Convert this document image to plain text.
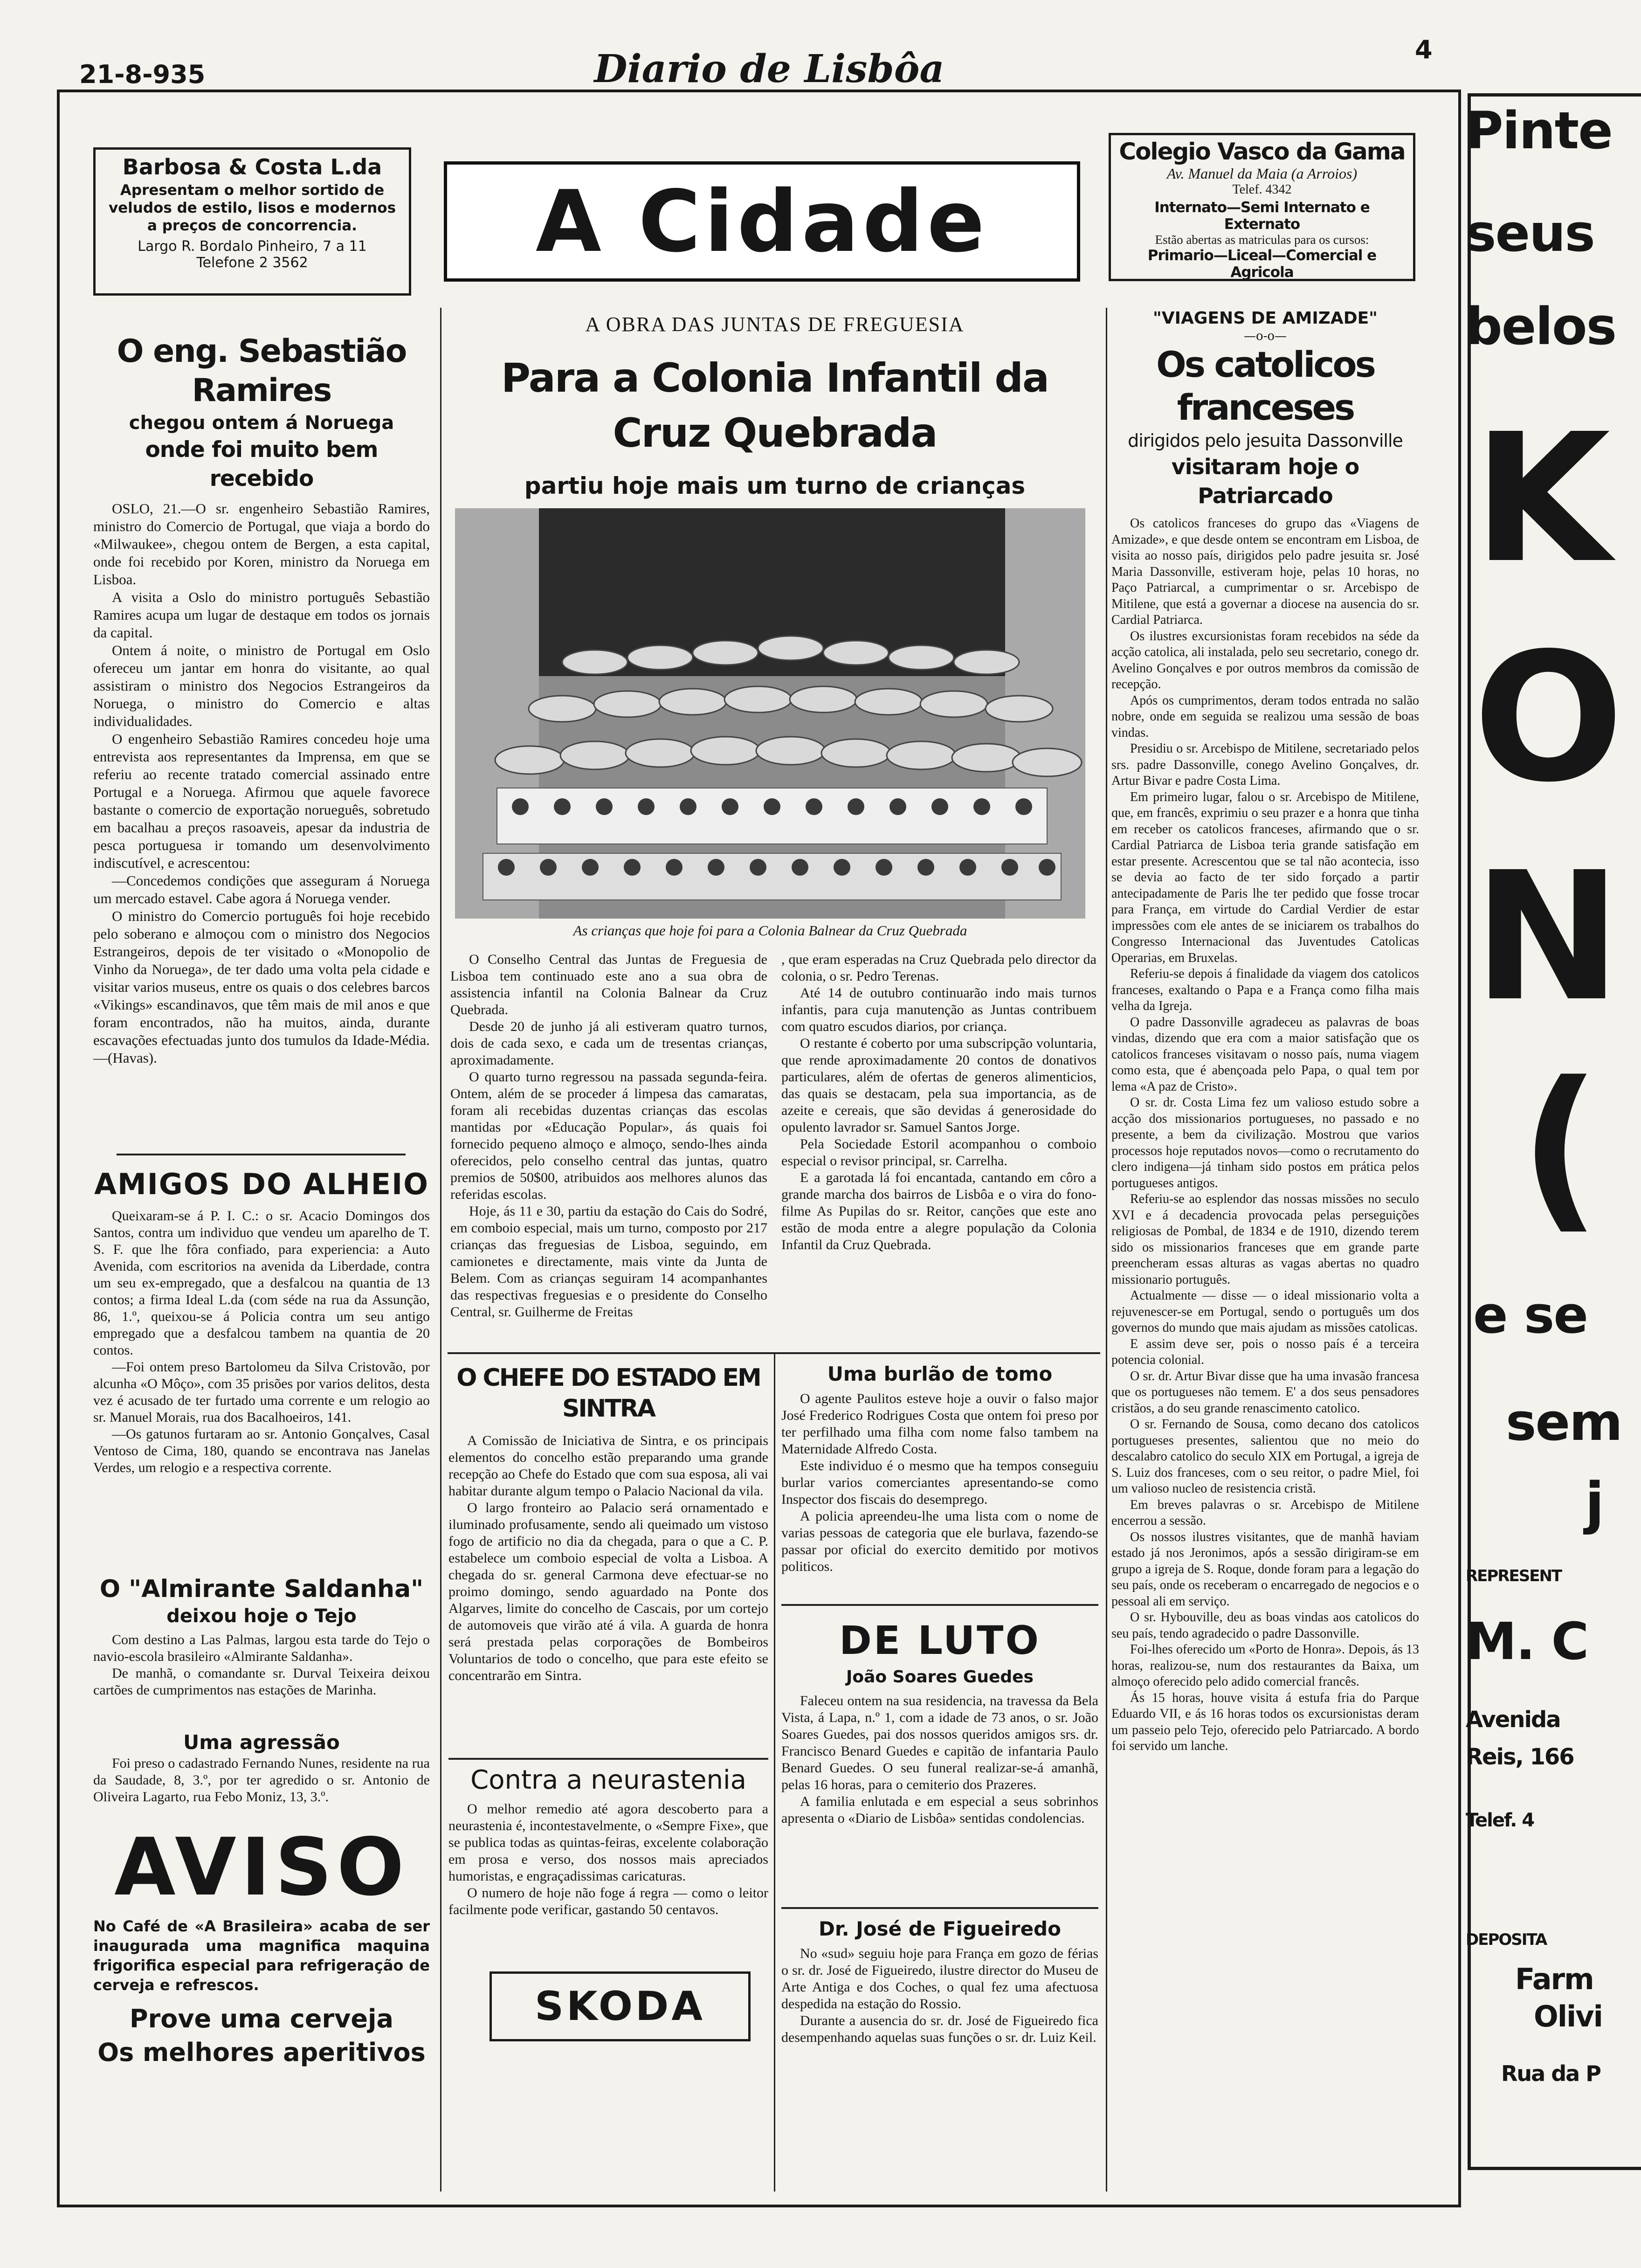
21-8-935	Diario de Lisbôa	4
Barbosa & Costa L.da
Apresentam o melhor sortido de veludos de estilo, lisos e modernos a preços de concorrencia.
Largo R. Bordalo Pinheiro, 7 a 11
Telefone 2 3562	A Cidade
Colegio Vasco da Gama
Av. Manuel da Maia (a Arroios)
Telef. 4342
Internato—Semi Internato e Externato
Estão abertas as matriculas para os cursos:
Primario—Liceal—Comercial e Agricola
O eng. Sebastião Ramires
chegou ontem á Noruega
onde foi muito bem recebido

OSLO, 21.—O sr. engenheiro Sebastião Ramires, ministro do Comercio de Portugal, que viaja a bordo do «Milwaukee», chegou ontem de Bergen, a esta capital, onde foi recebido por Koren, ministro da Noruega em Lisboa.

A visita a Oslo do ministro português Sebastião Ramires acupa um lugar de destaque em todos os jornais da capital.

Ontem á noite, o ministro de Portugal em Oslo ofereceu um jantar em honra do visitante, ao qual assistiram o ministro dos Negocios Estrangeiros da Noruega, o ministro do Comercio e altas individualidades.

O engenheiro Sebastião Ramires concedeu hoje uma entrevista aos representantes da Imprensa, em que se referiu ao recente tratado comercial assinado entre Portugal e a Noruega. Afirmou que aquele favorece bastante o comercio de exportação norueguês, sobretudo em bacalhau a preços rasoaveis, apesar da industria de pesca portuguesa ir tomando um desenvolvimento indiscutível, e acrescentou:

—Concedemos condições que asseguram á Noruega um mercado estavel. Cabe agora á Noruega vender.

O ministro do Comercio português foi hoje recebido pelo soberano e almoçou com o ministro dos Negocios Estrangeiros, depois de ter visitado o «Monopolio de Vinho da Noruega», de ter dado uma volta pela cidade e visitar varios museus, entre os quais o dos celebres barcos «Vikings» escandinavos, que têm mais de mil anos e que foram encontrados, não ha muitos, ainda, durante escavações efectuadas junto dos tumulos da Idade-Média.—(Havas).

AMIGOS DO ALHEIO

Queixaram-se á P. I. C.: o sr. Acacio Domingos dos Santos, contra um individuo que vendeu um aparelho de T. S. F. que lhe fôra confiado, para experiencia: a Auto Avenida, com escritorios na avenida da Liberdade, contra um seu ex-empregado, que a desfalcou na quantia de 13 contos; a firma Ideal L.da (com séde na rua da Assunção, 86, 1.º, queixou-se á Policia contra um seu antigo empregado que a desfalcou tambem na quantia de 20 contos.

—Foi ontem preso Bartolomeu da Silva Cristovão, por alcunha «O Môço», com 35 prisões por varios delitos, desta vez é acusado de ter furtado uma corrente e um relogio ao sr. Manuel Morais, rua dos Bacalhoeiros, 141.

—Os gatunos furtaram ao sr. Antonio Gonçalves, Casal Ventoso de Cima, 180, quando se encontrava nas Janelas Verdes, um relogio e a respectiva corrente.

O "Almirante Saldanha"
deixou hoje o Tejo

Com destino a Las Palmas, largou esta tarde do Tejo o navio-escola brasileiro «Almirante Saldanha».

De manhã, o comandante sr. Durval Teixeira deixou cartões de cumprimentos nas estações de Marinha.

Uma agressão

Foi preso o cadastrado Fernando Nunes, residente na rua da Saudade, 8, 3.º, por ter agredido o sr. Antonio de Oliveira Lagarto, rua Febo Moniz, 13, 3.º.

AVISO
No Café de «A Brasileira» acaba de ser inaugurada uma magnifica maquina frigorifica especial para refrigeração de cerveja e refrescos.
Prove uma cerveja
Os melhores aperitivos
A OBRA DAS JUNTAS DE FREGUESIA
Para a Colonia Infantil da Cruz Quebrada
partiu hoje mais um turno de crianças
As crianças que hoje foi para a Colonia Balnear da Cruz Quebrada

O Conselho Central das Juntas de Freguesia de Lisboa tem continuado este ano a sua obra de assistencia infantil na Colonia Balnear da Cruz Quebrada.

Desde 20 de junho já ali estiveram quatro turnos, dois de cada sexo, e cada um de tresentas crianças, aproximadamente.

O quarto turno regressou na passada segunda-feira. Ontem, além de se proceder á limpesa das camaratas, foram ali recebidas duzentas crianças das escolas mantidas por «Educação Popular», ás quais foi fornecido pequeno almoço e almoço, sendo-lhes ainda oferecidos, pelo conselho central das juntas, quatro premios de 50$00, atribuidos aos melhores alunos das referidas escolas.

Hoje, ás 11 e 30, partiu da estação do Cais do Sodré, em comboio especial, mais um turno, composto por 217 crianças das freguesias de Lisboa, seguindo, em camionetes e directamente, mais vinte da Junta de Belem. Com as crianças seguiram 14 acompanhantes das respectivas freguesias e o presidente do Conselho Central, sr. Guilherme de Freitas

, que eram esperadas na Cruz Quebrada pelo director da colonia, o sr. Pedro Terenas.

Até 14 de outubro continuarão indo mais turnos infantis, para cuja manutenção as Juntas contribuem com quatro escudos diarios, por criança.

O restante é coberto por uma subscripção voluntaria, que rende aproximadamente 20 contos de donativos particulares, além de ofertas de generos alimenticios, das quais se destacam, pela sua importancia, as de azeite e cereais, que são devidas á generosidade do opulento lavrador sr. Samuel Santos Jorge.

Pela Sociedade Estoril acompanhou o comboio especial o revisor principal, sr. Carrelha.

E a garotada lá foi encantada, cantando em côro a grande marcha dos bairros de Lisbôa e o vira do fono-filme As Pupilas do sr. Reitor, canções que este ano estão de moda entre a alegre população da Colonia Infantil da Cruz Quebrada.

O CHEFE DO ESTADO EM SINTRA

A Comissão de Iniciativa de Sintra, e os principais elementos do concelho estão preparando uma grande recepção ao Chefe do Estado que com sua esposa, ali vai habitar durante algum tempo o Palacio Nacional da vila.

O largo fronteiro ao Palacio será ornamentado e iluminado profusamente, sendo ali queimado um vistoso fogo de artificio no dia da chegada, para o que a C. P. estabelece um comboio especial de volta a Lisboa. A chegada do sr. general Carmona deve efectuar-se no proimo domingo, sendo aguardado na Ponte dos Algarves, limite do concelho de Cascais, por um cortejo de automoveis que virão até á vila. A guarda de honra será prestada pelas corporações de Bombeiros Voluntarios de todo o concelho, que para este efeito se concentrarão em Sintra.

Contra a neurastenia

O melhor remedio até agora descoberto para a neurastenia é, incontestavelmente, o «Sempre Fixe», que se publica todas as quintas-feiras, excelente colaboração em prosa e verso, dos nossos mais apreciados humoristas, e engraçadissimas caricaturas.

O numero de hoje não foge á regra — como o leitor facilmente pode verificar, gastando 50 centavos.

SKODA
Uma burlão de tomo

O agente Paulitos esteve hoje a ouvir o falso major José Frederico Rodrigues Costa que ontem foi preso por ter perfilhado uma filha com nome falso tambem na Maternidade Alfredo Costa.

Este individuo é o mesmo que ha tempos conseguiu burlar varios comerciantes apresentando-se como Inspector dos fiscais do desemprego.

A policia apreendeu-lhe uma lista com o nome de varias pessoas de categoria que ele burlava, fazendo-se passar por oficial do exercito demitido por motivos politicos.

DE LUTO
João Soares Guedes

Faleceu ontem na sua residencia, na travessa da Bela Vista, á Lapa, n.º 1, com a idade de 73 anos, o sr. João Soares Guedes, pai dos nossos queridos amigos srs. dr. Francisco Benard Guedes e capitão de infantaria Paulo Benard Guedes. O seu funeral realizar-se-á amanhã, pelas 16 horas, para o cemiterio dos Prazeres.

A familia enlutada e em especial a seus sobrinhos apresenta o «Diario de Lisbôa» sentidas condolencias.

Dr. José de Figueiredo

No «sud» seguiu hoje para França em gozo de férias o sr. dr. José de Figueiredo, ilustre director do Museu de Arte Antiga e dos Coches, o qual fez uma afectuosa despedida na estação do Rossio.

Durante a ausencia do sr. dr. José de Figueiredo fica desempenhando aquelas suas funções o sr. dr. Luiz Keil.

"VIAGENS DE AMIZADE"
—o-o—
Os catolicos franceses
dirigidos pelo jesuita Dassonville
visitaram hoje o Patriarcado

Os catolicos franceses do grupo das «Viagens de Amizade», e que desde ontem se encontram em Lisboa, de visita ao nosso país, dirigidos pelo padre jesuita sr. José Maria Dassonville, estiveram hoje, pelas 10 horas, no Paço Patriarcal, a cumprimentar o sr. Arcebispo de Mitilene, que está a governar a diocese na ausencia do sr. Cardial Patriarca.

Os ilustres excursionistas foram recebidos na séde da acção catolica, ali instalada, pelo seu secretario, conego dr. Avelino Gonçalves e por outros membros da comissão de recepção.

Após os cumprimentos, deram todos entrada no salão nobre, onde em seguida se realizou uma sessão de boas vindas.

Presidiu o sr. Arcebispo de Mitilene, secretariado pelos srs. padre Dassonville, conego Avelino Gonçalves, dr. Artur Bivar e padre Costa Lima.

Em primeiro lugar, falou o sr. Arcebispo de Mitilene, que, em francês, exprimiu o seu prazer e a honra que tinha em receber os catolicos franceses, afirmando que o sr. Cardial Patriarca de Lisboa teria grande satisfação em estar presente. Acrescentou que se tal não acontecia, isso se devia ao facto de ter sido forçado a partir antecipadamente de Paris lhe ter pedido que fosse trocar para França, em virtude do Cardial Verdier de estar impressões com ele antes de se iniciarem os trabalhos do Congresso Internacional das Juventudes Catolicas Operarias, em Bruxelas.

Referiu-se depois á finalidade da viagem dos catolicos franceses, exaltando o Papa e a França como filha mais velha da Igreja.

O padre Dassonville agradeceu as palavras de boas vindas, dizendo que era com a maior satisfação que os catolicos franceses visitavam o nosso país, numa viagem como esta, que é abençoada pelo Papa, o qual tem por lema «A paz de Cristo».

O sr. dr. Costa Lima fez um valioso estudo sobre a acção dos missionarios portugueses, no passado e no presente, a bem da civilização. Mostrou que varios processos hoje reputados novos—como o recrutamento do clero indigena—já tinham sido postos em prática pelos portugueses antigos.

Referiu-se ao esplendor das nossas missões no seculo XVI e á decadencia provocada pelas perseguições religiosas de Pombal, de 1834 e de 1910, dizendo terem sido os missionarios franceses que em grande parte preencheram essas alturas as vagas abertas no quadro missionario português.

Actualmente — disse — o ideal missionario volta a rejuvenescer-se em Portugal, sendo o português um dos governos do mundo que mais ajudam as missões catolicas.

E assim deve ser, pois o nosso país é a terceira potencia colonial.

O sr. dr. Artur Bivar disse que ha uma invasão francesa que os portugueses não temem. E' a dos seus pensadores cristãos, a do seu grande renascimento catolico.

O sr. Fernando de Sousa, como decano dos catolicos portugueses presentes, salientou que no meio do descalabro catolico do seculo XIX em Portugal, a igreja de S. Luiz dos franceses, com o seu reitor, o padre Miel, foi um valioso nucleo de resistencia cristã.

Em breves palavras o sr. Arcebispo de Mitilene encerrou a sessão.

Os nossos ilustres visitantes, que de manhã haviam estado já nos Jeronimos, após a sessão dirigiram-se em grupo a igreja de S. Roque, donde foram para a legação do seu país, onde os receberam o encarregado de negocios e o pessoal ali em serviço.

O sr. Hybouville, deu as boas vindas aos catolicos do seu país, tendo agradecido o padre Dassonville.

Foi-lhes oferecido um «Porto de Honra». Depois, ás 13 horas, realizou-se, num dos restaurantes da Baixa, um almoço oferecido pelo adido comercial francês.

Ás 15 horas, houve visita á estufa fria do Parque Eduardo VII, e ás 16 horas todos os excursionistas deram um passeio pelo Tejo, oferecido pelo Patriarcado. A bordo foi servido um lanche.

Pinte
seus
belos
K
O
N
(
e se
sem
j
REPRESENT
M. C
Avenida
Reis, 166
Telef. 4
DEPOSITA
Farm
Olivi
Rua da P
